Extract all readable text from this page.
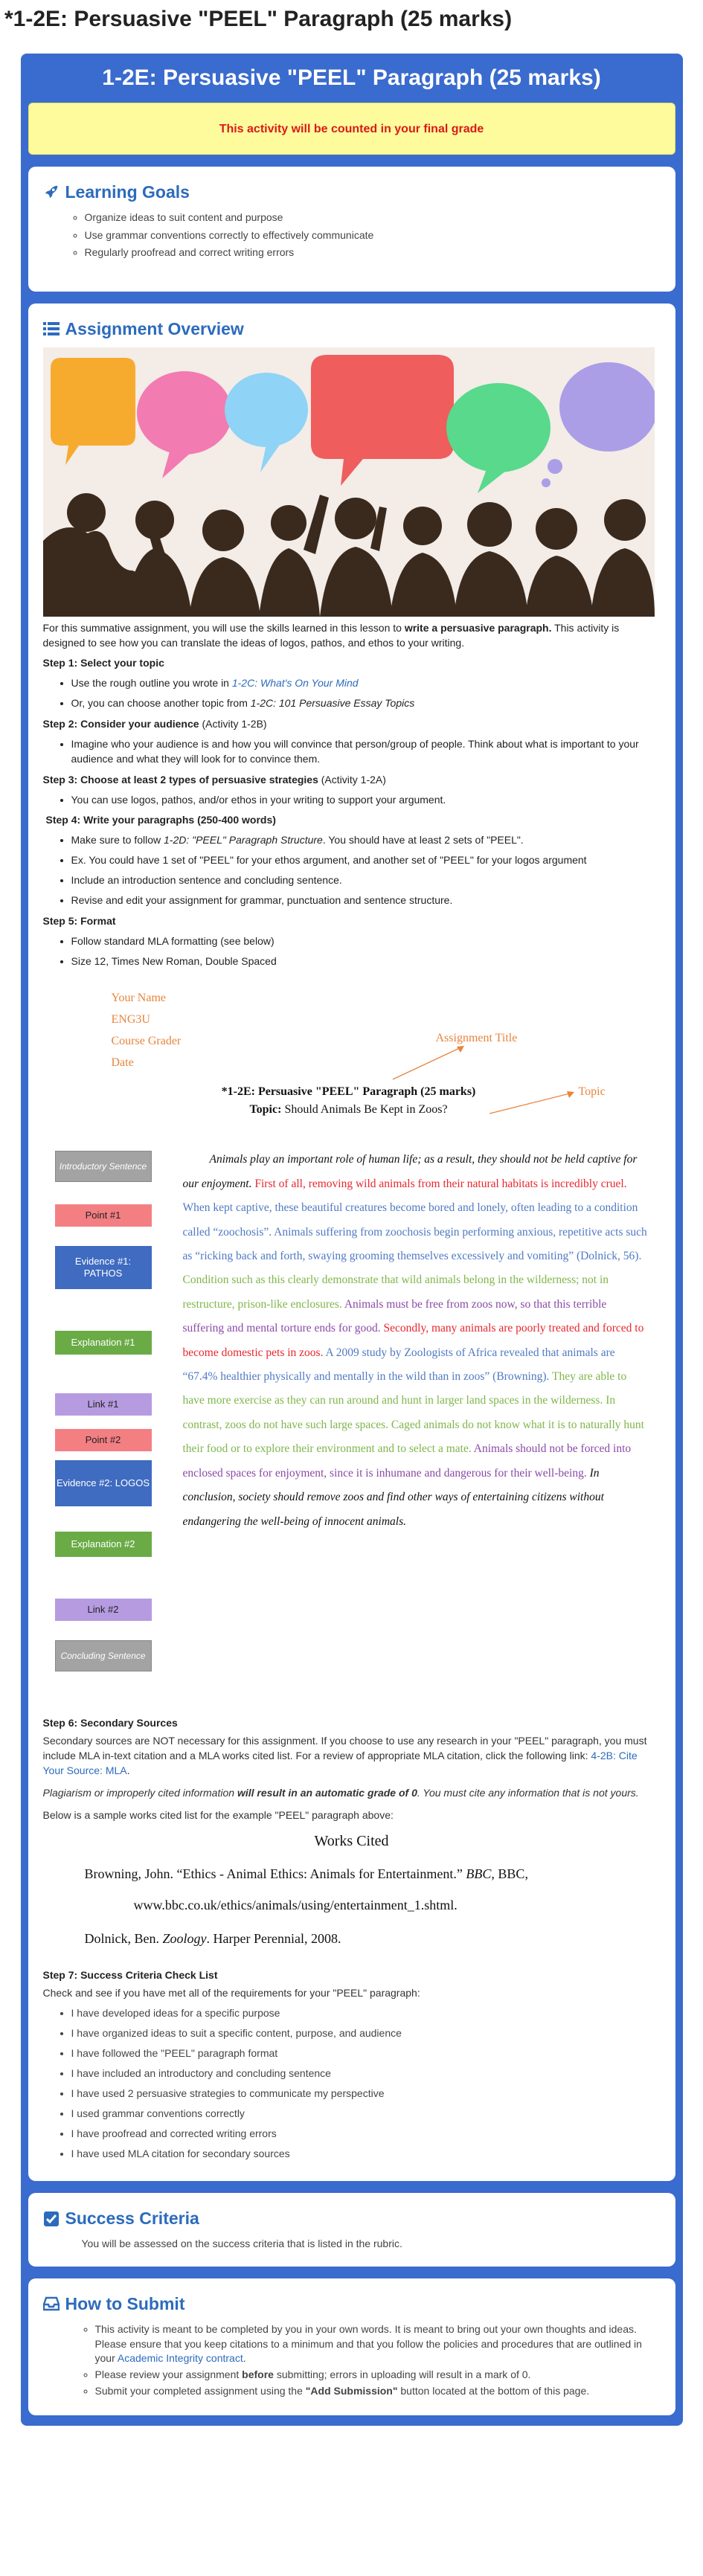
*1-2E: Persuasive "PEEL" Paragraph (25 marks)
1-2E: Persuasive "PEEL" Paragraph (25 marks)
This activity will be counted in your final grade
Learning Goals
◦ Organize ideas to suit content and purpose
◦ Use grammar conventions correctly to effectively communicate
◦ Regularly proofread and correct writing errors
Assignment Overview

For this summative assignment, you will use the skills learned in this lesson to write a persuasive paragraph. This activity is designed to see how you can translate the ideas of logos, pathos, and ethos to your writing.

Step 1: Select your topic
• Use the rough outline you wrote in 1-2C: What's On Your Mind
• Or, you can choose another topic from 1-2C: 101 Persuasive Essay Topics
Step 2: Consider your audience (Activity 1-2B)
• Imagine who your audience is and how you will convince that person/group of people. Think about what is important to your audience and what they will look for to convince them.
Step 3: Choose at least 2 types of persuasive strategies (Activity 1-2A)
• You can use logos, pathos, and/or ethos in your writing to support your argument.
Step 4: Write your paragraphs (250-400 words)
• Make sure to follow 1-2D: "PEEL" Paragraph Structure. You should have at least 2 sets of "PEEL".
• Ex. You could have 1 set of "PEEL" for your ethos argument, and another set of "PEEL" for your logos argument
• Include an introduction sentence and concluding sentence.
• Revise and edit your assignment for grammar, punctuation and sentence structure.
Step 5: Format
• Follow standard MLA formatting (see below)
• Size 12, Times New Roman, Double Spaced
Your Name
ENG3U
Course Grader
Date
Assignment Title
Topic
*1-2E: Persuasive "PEEL" Paragraph (25 marks)
Topic: Should Animals Be Kept in Zoos?
Introductory Sentence
Point #1
Evidence #1: PATHOS
Explanation #1
Link #1
Point #2
Evidence #2: LOGOS
Explanation #2
Link #2
Concluding Sentence
Animals play an important role of human life; as a result, they should not be held captive for our enjoyment. First of all, removing wild animals from their natural habitats is incredibly cruel. When kept captive, these beautiful creatures become bored and lonely, often leading to a condition called “zoochosis”. Animals suffering from zoochosis begin performing anxious, repetitive acts such as “ricking back and forth, swaying grooming themselves excessively and vomiting” (Dolnick, 56). Condition such as this clearly demonstrate that wild animals belong in the wilderness; not in restructure, prison-like enclosures. Animals must be free from zoos now, so that this terrible suffering and mental torture ends for good. Secondly, many animals are poorly treated and forced to become domestic pets in zoos. A 2009 study by Zoologists of Africa revealed that animals are “67.4% healthier physically and mentally in the wild than in zoos” (Browning). They are able to have more exercise as they can run around and hunt in larger land spaces in the wilderness. In contrast, zoos do not have such large spaces. Caged animals do not know what it is to naturally hunt their food or to explore their environment and to select a mate. Animals should not be forced into enclosed spaces for enjoyment, since it is inhumane and dangerous for their well-being. In conclusion, society should remove zoos and find other ways of entertaining citizens without endangering the well-being of innocent animals.
Step 6: Secondary Sources

Secondary sources are NOT necessary for this assignment. If you choose to use any research in your "PEEL" paragraph, you must include MLA in-text citation and a MLA works cited list. For a review of appropriate MLA citation, click the following link: 4-2B: Cite Your Source: MLA.

Plagiarism or improperly cited information will result in an automatic grade of 0. You must cite any information that is not yours.

Below is a sample works cited list for the example "PEEL" paragraph above:

Works Cited
Browning, John. “Ethics - Animal Ethics: Animals for Entertainment.” BBC, BBC,
www.bbc.co.uk/ethics/animals/using/entertainment_1.shtml.
Dolnick, Ben. Zoology. Harper Perennial, 2008.
Step 7: Success Criteria Check List

Check and see if you have met all of the requirements for your "PEEL" paragraph:

• I have developed ideas for a specific purpose
• I have organized ideas to suit a specific content, purpose, and audience
• I have followed the "PEEL" paragraph format
• I have included an introductory and concluding sentence
• I have used 2 persuasive strategies to communicate my perspective
• I used grammar conventions correctly
• I have proofread and corrected writing errors
• I have used MLA citation for secondary sources
Success Criteria

You will be assessed on the success criteria that is listed in the rubric.

How to Submit
◦ This activity is meant to be completed by you in your own words. It is meant to bring out your own thoughts and ideas. Please ensure that you keep citations to a minimum and that you follow the policies and procedures that are outlined in your Academic Integrity contract.
◦ Please review your assignment before submitting; errors in uploading will result in a mark of 0.
◦ Submit your completed assignment using the "Add Submission" button located at the bottom of this page.
